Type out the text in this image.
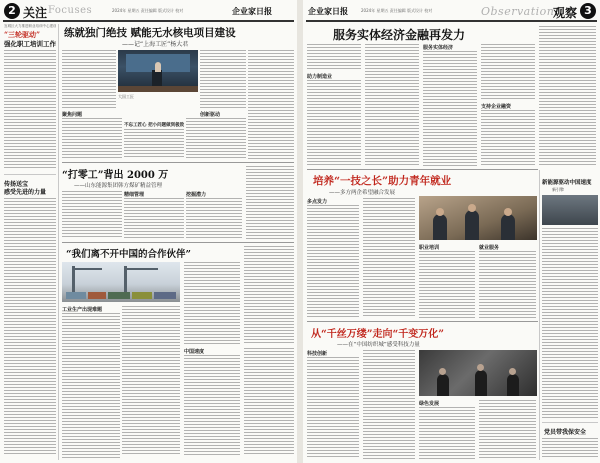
2 关注 Focuses	企业家日报
2024年 星期五 责任编辑 版式设计 校对
宜城区大力推进职业培训中心建设
“三轮驱动”
强化职工培训工作
传扬送宝
感受先进的力量
练就独门绝技 赋能无水核电项目建设
——记“上海工匠”杨大君
大国工匠
聚焦问题
不忘工匠心 把小问题做到极致
创新驱动
“打零工”背出 2000 万
——山东能源集团韩方煤矿精益管理
精细管理	挖掘潜力
“我们离不开中国的合作伙伴”
工业生产出现难题
中国速度
企业家日报	2024年 星期五 责任编辑 版式设计 校对	Observation
观察 3
服务实体经济金融再发力
助力制造业
服务实体经济
支持企业融资
培养“一技之长”助力青年就业
——多方两企希望融合发展
多点发力
职业培训	就业服务
从“千丝万缕”走向“千变万化”
——在“中国纺织城”感受科技力量
科技创新
绿色发展
新能源驱动中国速度
新引擎
党员带我保安全
